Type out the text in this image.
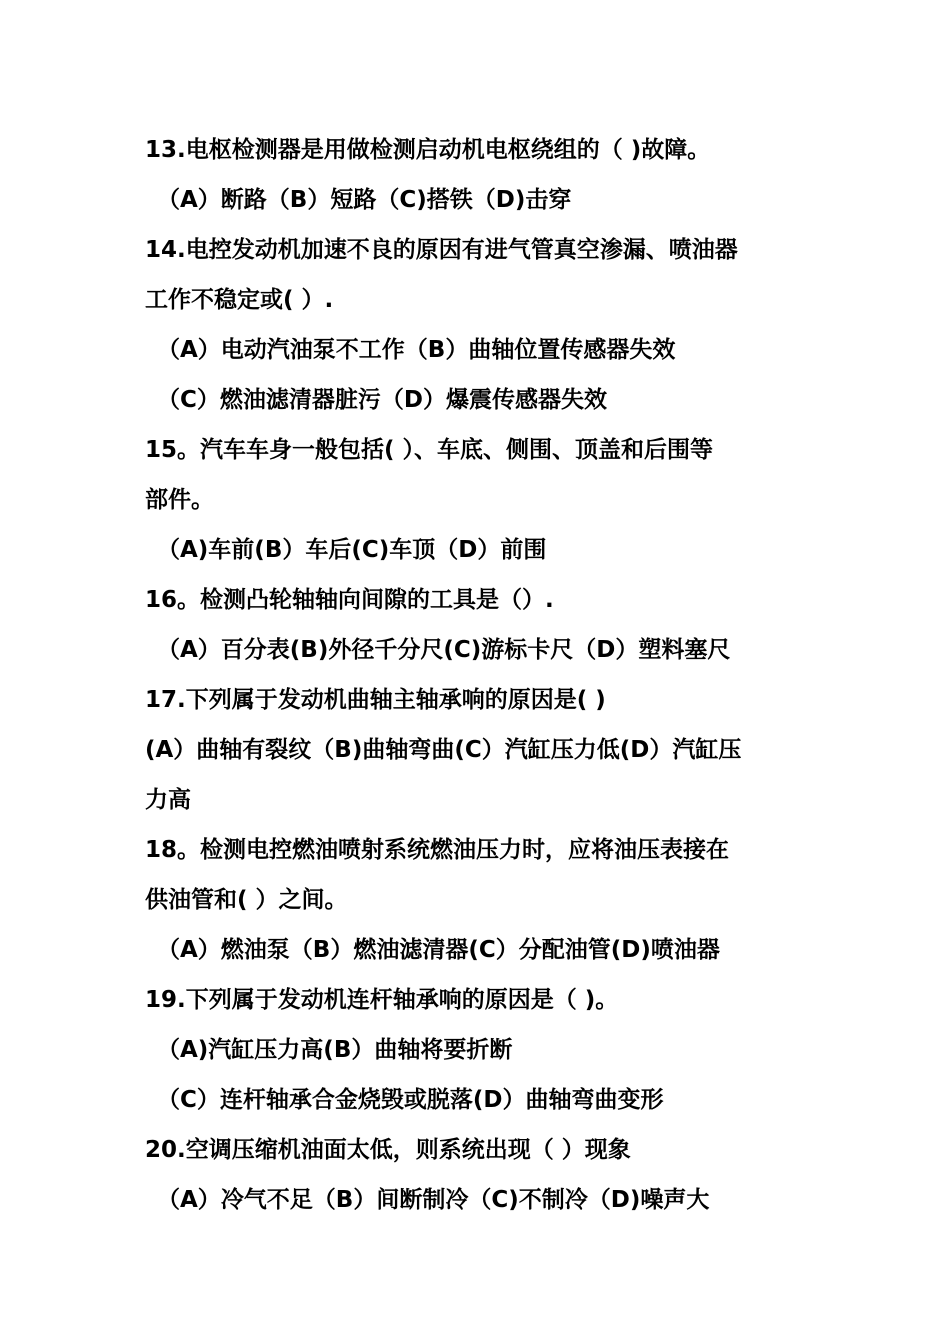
13.电枢检测器是用做检测启动机电枢绕组的（ )故障。
（A）断路（B）短路（C)搭铁（D)击穿
14.电控发动机加速不良的原因有进气管真空渗漏、喷油器
工作不稳定或( ）.
（A）电动汽油泵不工作（B）曲轴位置传感器失效
（C）燃油滤清器脏污（D）爆震传感器失效
15。汽车车身一般包括( ）、车底、侧围、顶盖和后围等
部件。
（A)车前(B）车后(C)车顶（D）前围
16。检测凸轮轴轴向间隙的工具是（）.
（A）百分表(B)外径千分尺(C)游标卡尺（D）塑料塞尺
17.下列属于发动机曲轴主轴承响的原因是( )
(A）曲轴有裂纹（B)曲轴弯曲(C）汽缸压力低(D）汽缸压
力高
18。检测电控燃油喷射系统燃油压力时，应将油压表接在
供油管和( ）之间。
（A）燃油泵（B）燃油滤清器(C）分配油管(D)喷油器
19.下列属于发动机连杆轴承响的原因是（ )。
（A)汽缸压力高(B）曲轴将要折断
（C）连杆轴承合金烧毁或脱落(D）曲轴弯曲变形
20.空调压缩机油面太低，则系统出现（ ）现象
（A）冷气不足（B）间断制冷（C)不制冷（D)噪声大
